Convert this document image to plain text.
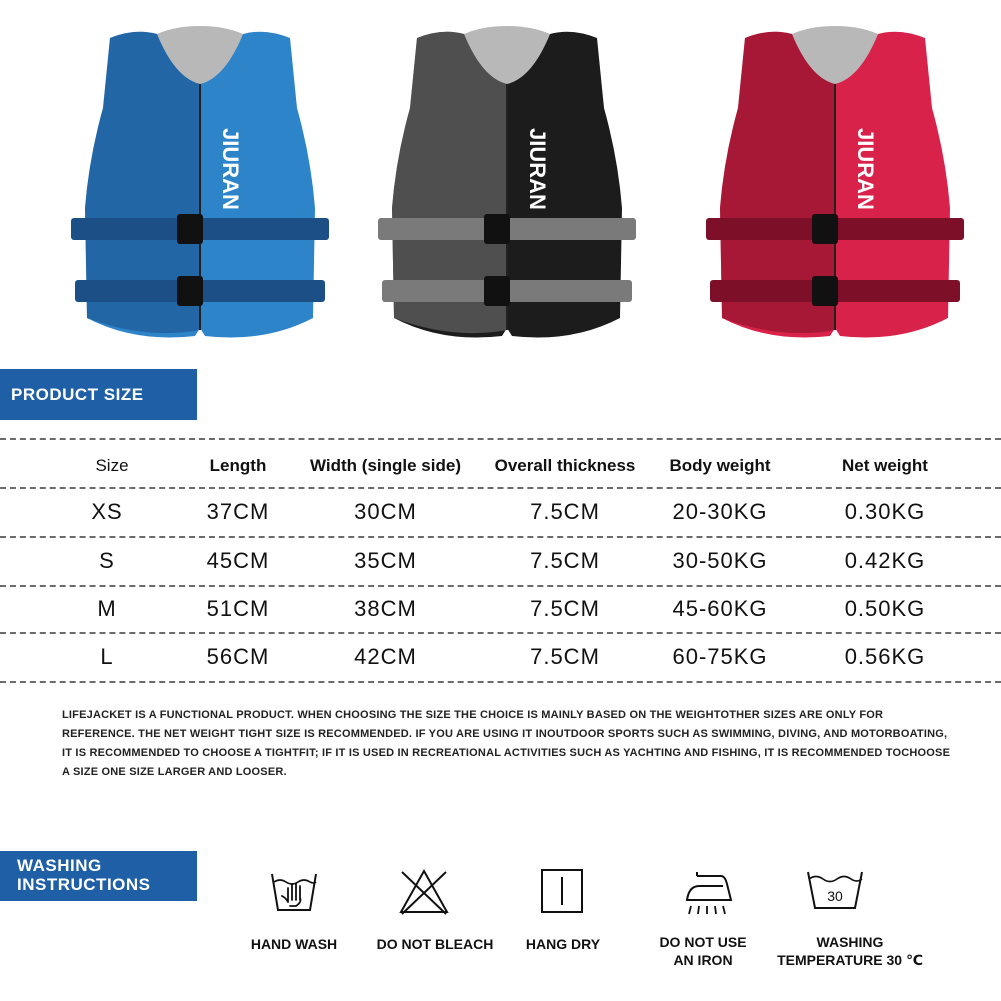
JIURAN	JIURAN	JIURAN
PRODUCT SIZE
Size	Length	Width (single side)	Overall thickness	Body weight	Net weight
XS	37CM	30CM	7.5CM	20-30KG	0.30KG
S	45CM	35CM	7.5CM	30-50KG	0.42KG
M	51CM	38CM	7.5CM	45-60KG	0.50KG
L	56CM	42CM	7.5CM	60-75KG	0.56KG
LIFEJACKET IS A FUNCTIONAL PRODUCT. WHEN CHOOSING THE SIZE THE CHOICE IS MAINLY BASED ON THE WEIGHTOTHER SIZES ARE ONLY FOR REFERENCE. THE NET WEIGHT TIGHT SIZE IS RECOMMENDED. IF YOU ARE USING IT INOUTDOOR SPORTS SUCH AS SWIMMING, DIVING, AND MOTORBOATING, IT IS RECOMMENDED TO CHOOSE A TIGHTFIT; IF IT IS USED IN RECREATIONAL ACTIVITIES SUCH AS YACHTING AND FISHING, IT IS RECOMMENDED TOCHOOSE A SIZE ONE SIZE LARGER AND LOOSER.
WASHING
INSTRUCTIONS
30
HAND WASH	DO NOT BLEACH	HANG DRY	DO NOT USE
AN IRON
WASHING
TEMPERATURE 30 ℃
